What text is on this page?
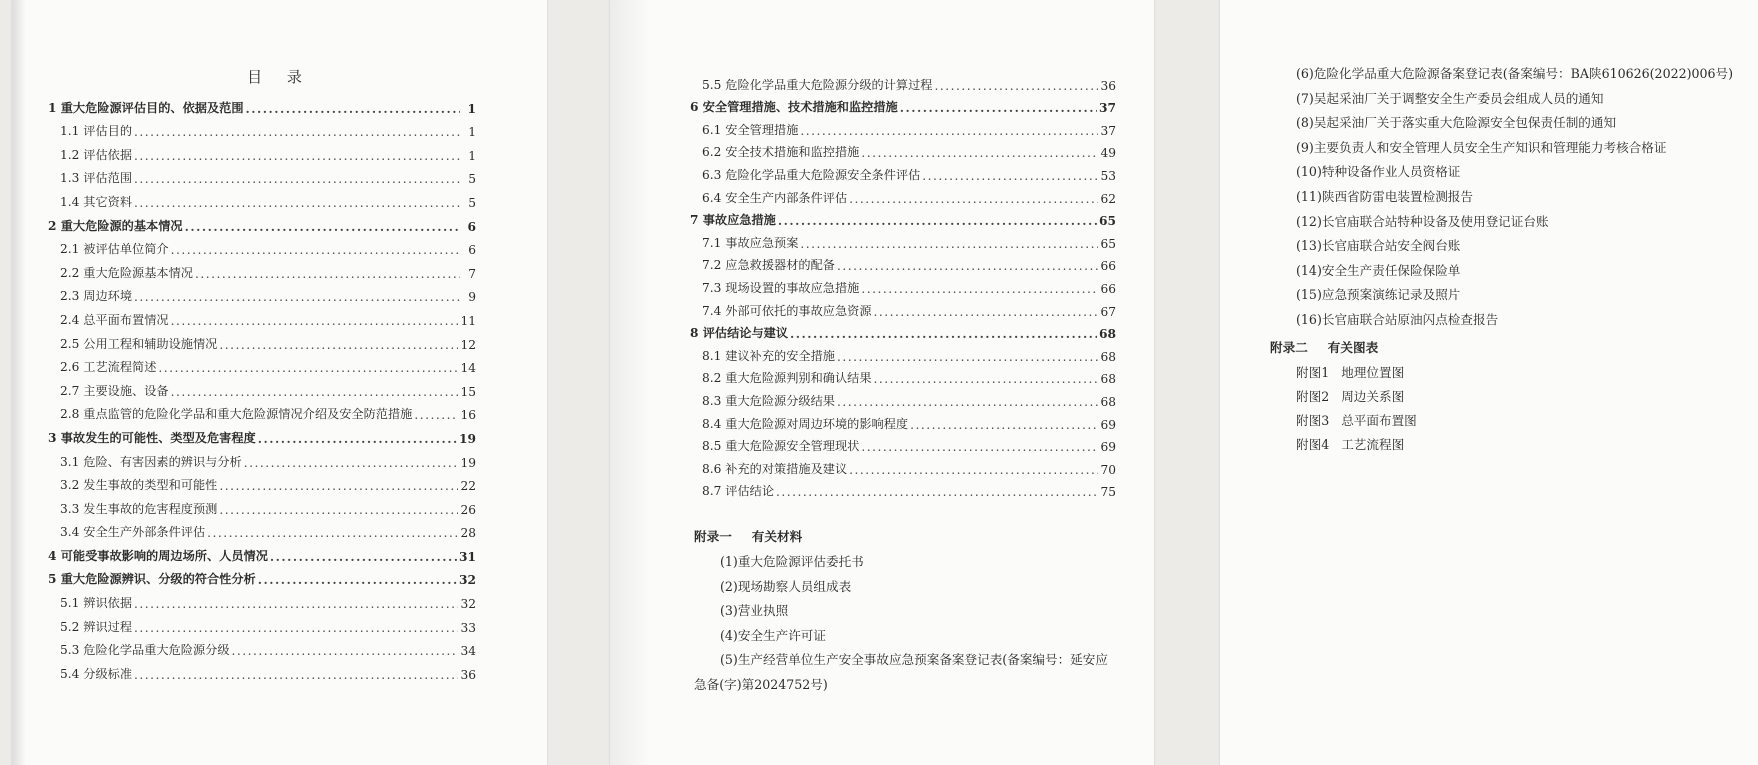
目 录
1 重大危险源评估目的、依据及范围 .....	1
1.1 评估目的 .....	1
1.2 评估依据 .....	1
1.3 评估范围 .....	5
1.4 其它资料 .....	5
2 重大危险源的基本情况 .....	6
2.1 被评估单位简介 .....	6
2.2 重大危险源基本情况 .....	7
2.3 周边环境 .....	9
2.4 总平面布置情况 .....	11
2.5 公用工程和辅助设施情况 .....	12
2.6 工艺流程简述 .....	14
2.7 主要设施、设备 .....	15
2.8 重点监管的危险化学品和重大危险源情况介绍及安全防范措施 .....	16
3 事故发生的可能性、类型及危害程度 .....	19
3.1 危险、有害因素的辨识与分析 .....	19
3.2 发生事故的类型和可能性 .....	22
3.3 发生事故的危害程度预测 .....	26
3.4 安全生产外部条件评估 .....	28
4 可能受事故影响的周边场所、人员情况 .....	31
5 重大危险源辨识、分级的符合性分析 .....	32
5.1 辨识依据 .....	32
5.2 辨识过程 .....	33
5.3 危险化学品重大危险源分级 .....	34
5.4 分级标准 .....	36
5.5 危险化学品重大危险源分级的计算过程 .....	36
6 安全管理措施、技术措施和监控措施 .....	37
6.1 安全管理措施 .....	37
6.2 安全技术措施和监控措施 .....	49
6.3 危险化学品重大危险源安全条件评估 .....	53
6.4 安全生产内部条件评估 .....	62
7 事故应急措施 .....	65
7.1 事故应急预案 .....	65
7.2 应急救援器材的配备 .....	66
7.3 现场设置的事故应急措施 .....	66
7.4 外部可依托的事故应急资源 .....	67
8 评估结论与建议 .....	68
8.1 建议补充的安全措施 .....	68
8.2 重大危险源判别和确认结果 .....	68
8.3 重大危险源分级结果 .....	68
8.4 重大危险源对周边环境的影响程度 .....	69
8.5 重大危险源安全管理现状 .....	69
8.6 补充的对策措施及建议 .....	70
8.7 评估结论 .....	75
附录一 有关材料
(1)重大危险源评估委托书
(2)现场勘察人员组成表
(3)营业执照
(4)安全生产许可证
(5)生产经营单位生产安全事故应急预案备案登记表(备案编号：延安应急备(字)第2024752号)
(6)危险化学品重大危险源备案登记表(备案编号：BA陕610626(2022)006号)
(7)吴起采油厂关于调整安全生产委员会组成人员的通知
(8)吴起采油厂关于落实重大危险源安全包保责任制的通知
(9)主要负责人和安全管理人员安全生产知识和管理能力考核合格证
(10)特种设备作业人员资格证
(11)陕西省防雷电装置检测报告
(12)长官庙联合站特种设备及使用登记证台账
(13)长官庙联合站安全阀台账
(14)安全生产责任保险保险单
(15)应急预案演练记录及照片
(16)长官庙联合站原油闪点检查报告
附录二 有关图表
附图1 地理位置图
附图2 周边关系图
附图3 总平面布置图
附图4 工艺流程图
